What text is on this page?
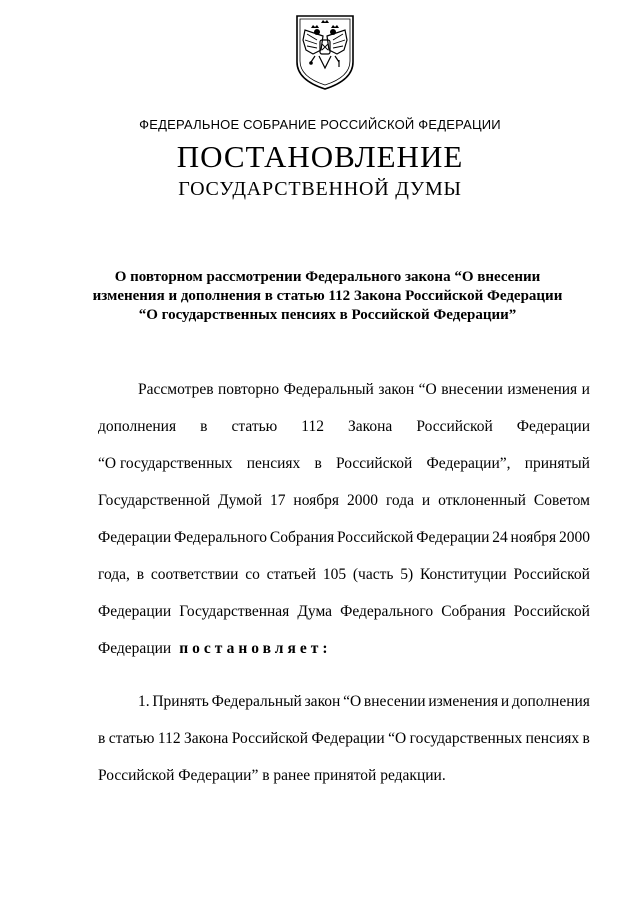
ФЕДЕРАЛЬНОЕ СОБРАНИЕ РОССИЙСКОЙ ФЕДЕРАЦИИ
ПОСТАНОВЛЕНИЕ
ГОСУДАРСТВЕННОЙ ДУМЫ
О повторном рассмотрении Федерального закона “О внесении
изменения и дополнения в статью 112 Закона Российской Федерации
“О государственных пенсиях в Российской Федерации”
Рассмотрев повторно Федеральный закон “О внесении изменения и
дополнения в статью 112 Закона Российской Федерации
“О государственных пенсиях в Российской Федерации”, принятый
Государственной Думой 17 ноября 2000 года и отклоненный Советом
Федерации Федерального Собрания Российской Федерации 24 ноября 2000
года, в соответствии со статьей 105 (часть 5) Конституции Российской
Федерации Государственная Дума Федерального Собрания Российской
Федерации постановляет:
1. Принять Федеральный закон “О внесении изменения и дополнения
в статью 112 Закона Российской Федерации “О государственных пенсиях в
Российской Федерации” в ранее принятой редакции.
